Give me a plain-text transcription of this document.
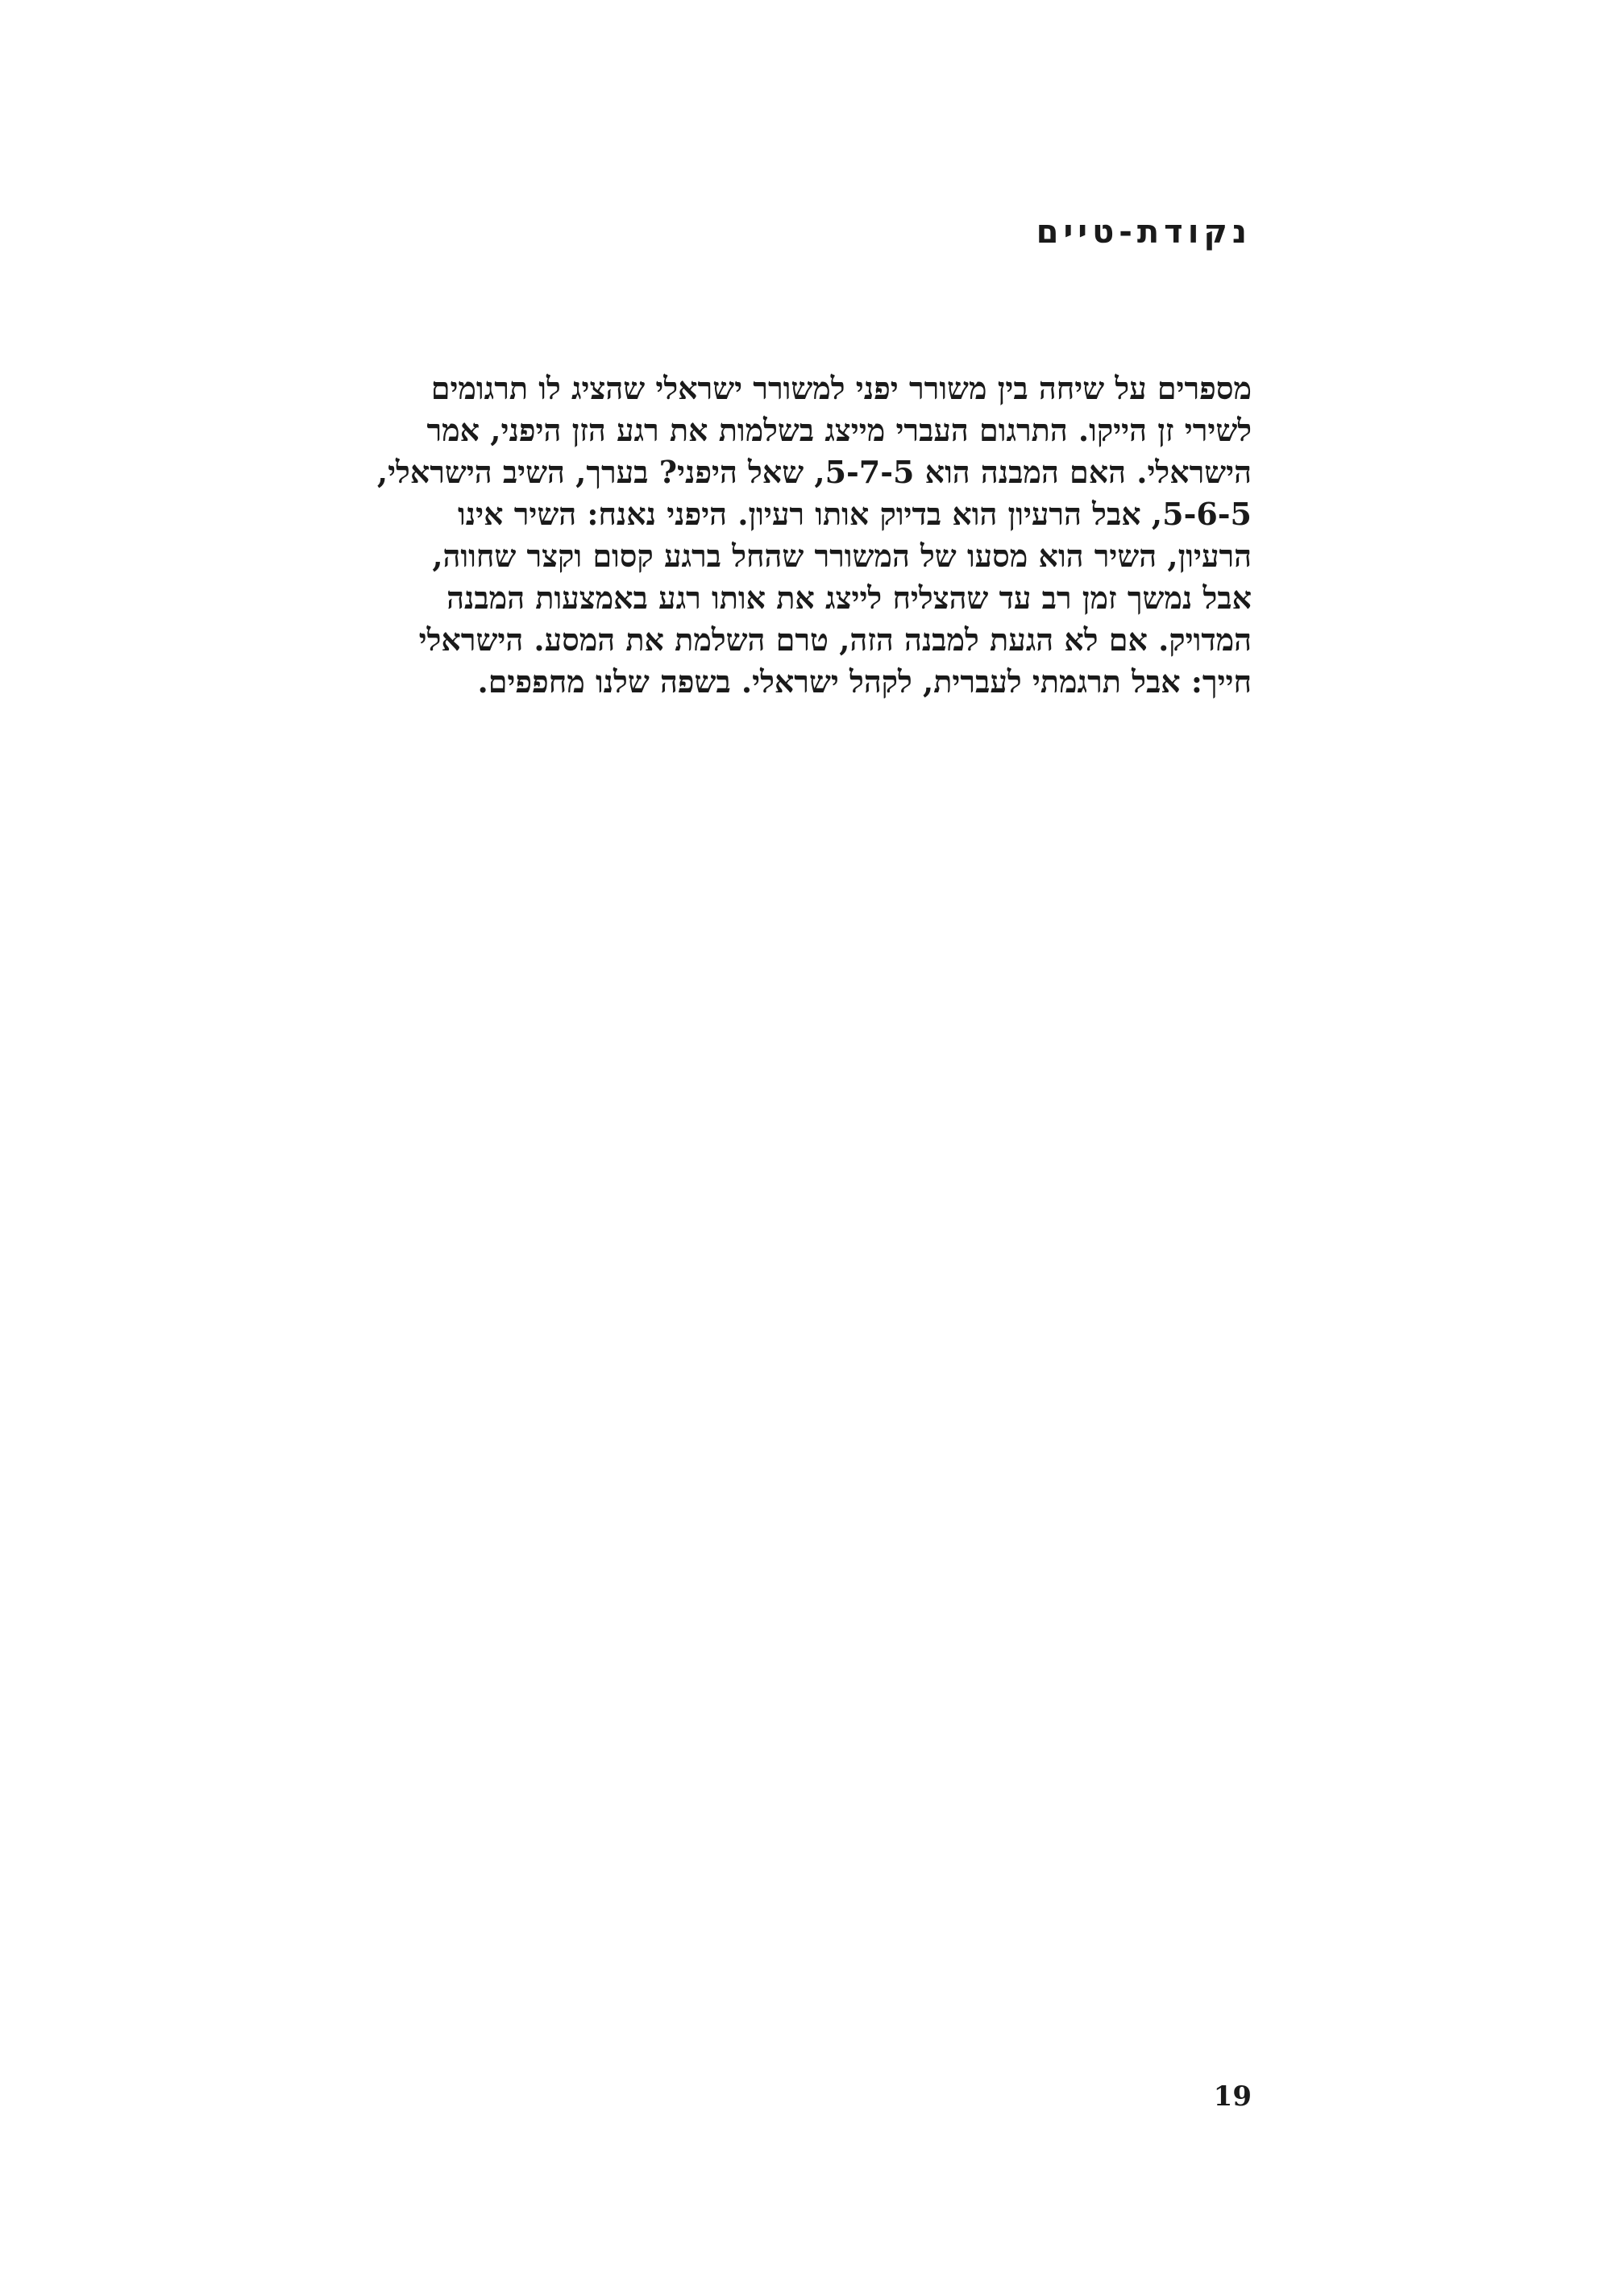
נקודת-טיים
מספרים על שיחה בין משורר יפני למשורר ישראלי שהציג לו תרגומים
לשירי זן הייקו. התרגום העברי מייצג בשלמות את רגע הזן היפני, אמר
הישראלי. האם המבנה הוא 5-7-5, שאל היפני? בערך, השיב הישראלי,
5-6-5, אבל הרעיון הוא בדיוק אותו רעיון. היפני נאנח: השיר אינו
הרעיון, השיר הוא מסעו של המשורר שהחל ברגע קסום וקצר שחווה,
אבל נמשך זמן רב עד שהצליח לייצג את אותו רגע באמצעות המבנה
המדויק. אם לא הגעת למבנה הזה, טרם השלמת את המסע. הישראלי
חייך: אבל תרגמתי לעברית, לקהל ישראלי. בשפה שלנו מחפפים.
19
